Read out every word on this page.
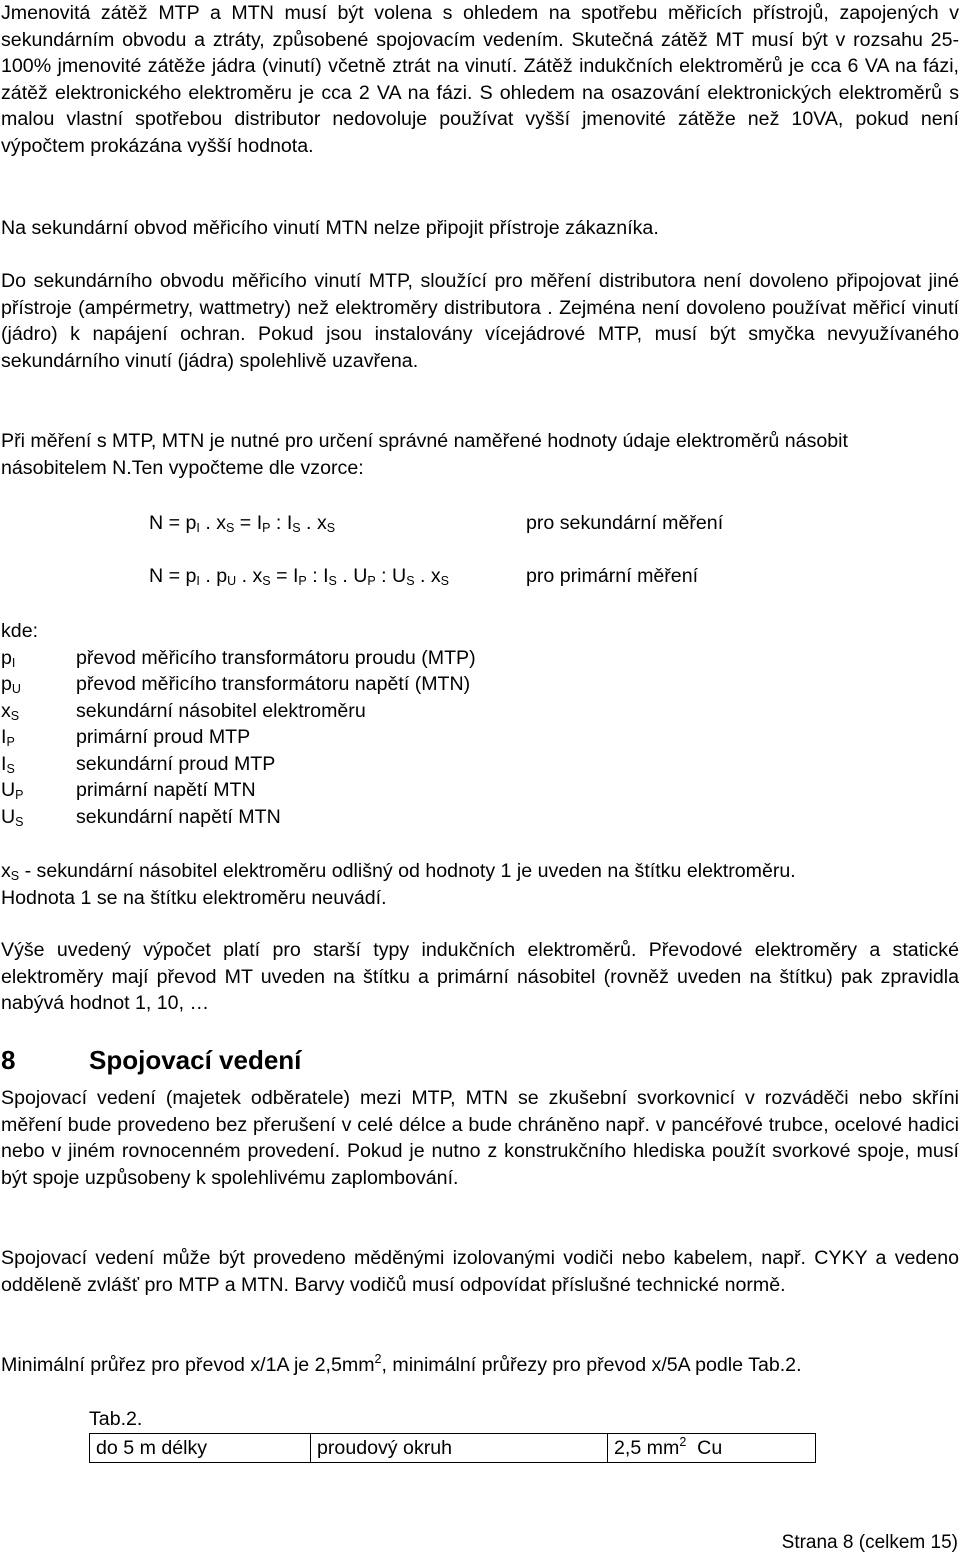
Jmenovitá zátěž MTP a MTN musí být volena s ohledem na spotřebu měřicích přístrojů, zapojených v sekundárním obvodu a ztráty, způsobené spojovacím vedením. Skutečná zátěž MT musí být v rozsahu 25-100% jmenovité zátěže jádra (vinutí) včetně ztrát na vinutí. Zátěž indukčních elektroměrů je cca 6 VA na fázi, zátěž elektronického elektroměru je cca 2 VA na fázi. S ohledem na osazování elektronických elektroměrů s malou vlastní spotřebou distributor nedovoluje používat vyšší jmenovité zátěže než 10VA, pokud není výpočtem prokázána vyšší hodnota.

Na sekundární obvod měřicího vinutí MTN nelze připojit přístroje zákazníka.

Do sekundárního obvodu měřicího vinutí MTP, sloužící pro měření distributora není dovoleno připojovat jiné přístroje (ampérmetry, wattmetry) než elektroměry distributora . Zejména není dovoleno používat měřicí vinutí (jádro) k napájení ochran. Pokud jsou instalovány vícejádrové MTP, musí být smyčka nevyužívaného sekundárního vinutí (jádra) spolehlivě uzavřena.

Při měření s MTP, MTN je nutné pro určení správné naměřené hodnoty údaje elektroměrů násobit násobitelem N.Ten vypočteme dle vzorce:

$N = p_I$ . $x_S = I_P$ : $I_S$ . $x_S$	pro sekundární měření
$N = p_I$ . $p_U$ . $x_S = I_P$ : $I_S$ . $U_P$ : $U_S$ . $x_S$	pro primární měření
kde:
$p_I$	převod měřicího transformátoru proudu (MTP)
$p_U$	převod měřicího transformátoru napětí (MTN)
$x_S$	sekundární násobitel elektroměru
$I_P$	primární proud MTP
$I_S$	sekundární proud MTP
$U_P$	primární napětí MTN
$U_S$	sekundární napětí MTN

$x_S$ - sekundární násobitel elektroměru odlišný od hodnoty 1 je uveden na štítku elektroměru.
Hodnota 1 se na štítku elektroměru neuvádí.

Výše uvedený výpočet platí pro starší typy indukčních elektroměrů. Převodové elektroměry a statické elektroměry mají převod MT uveden na štítku a primární násobitel (rovněž uveden na štítku) pak zpravidla nabývá hodnot 1, 10, …

8	Spojovací vedení

Spojovací vedení (majetek odběratele) mezi MTP, MTN se zkušební svorkovnicí v rozváděči nebo skříni měření bude provedeno bez přerušení v celé délce a bude chráněno např. v pancéřové trubce, ocelové hadici nebo v jiném rovnocenném provedení. Pokud je nutno z konstrukčního hlediska použít svorkové spoje, musí být spoje uzpůsobeny k spolehlivému zaplombování.

Spojovací vedení může být provedeno měděnými izolovanými vodiči nebo kabelem, např. CYKY a vedeno odděleně zvlášť pro MTP a MTN. Barvy vodičů musí odpovídat příslušné technické normě.

Minimální průřez pro převod x/1A je $2,5mm^2$, minimální průřezy pro převod x/5A podle Tab.2.

Tab.2.
do 5 m délky	proudový okruh	2,5 $mm^2$  Cu
Strana 8 (celkem 15)
